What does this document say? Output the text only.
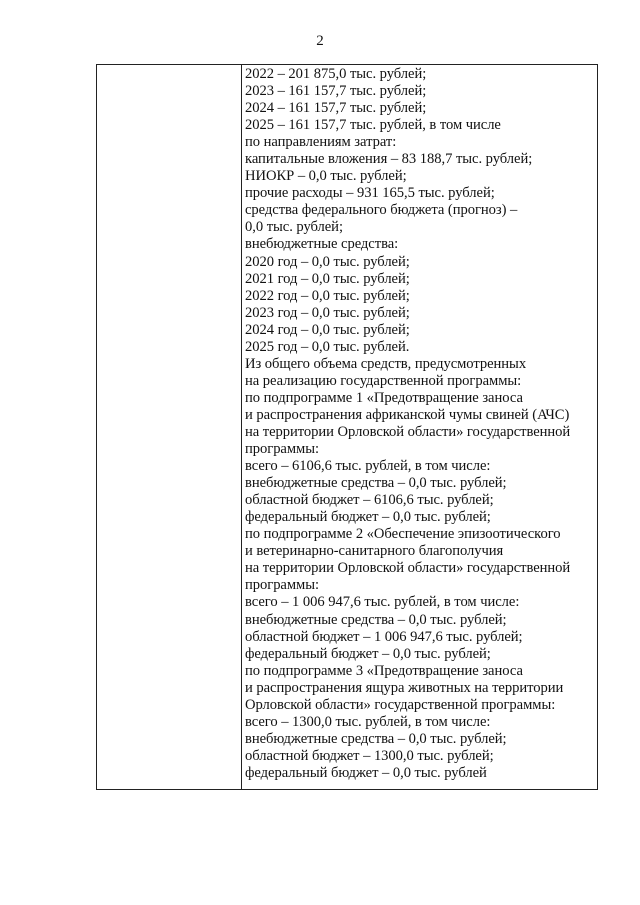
2
2022 – 201 875,0 тыс. рублей;
2023 – 161 157,7 тыс. рублей;
2024 – 161 157,7 тыс. рублей;
2025 – 161 157,7 тыс. рублей, в том числе
по направлениям затрат:
капитальные вложения – 83 188,7 тыс. рублей;
НИОКР – 0,0 тыс. рублей;
прочие расходы – 931 165,5 тыс. рублей;
средства федерального бюджета (прогноз) –
0,0 тыс. рублей;
внебюджетные средства:
2020 год – 0,0 тыс. рублей;
2021 год – 0,0 тыс. рублей;
2022 год – 0,0 тыс. рублей;
2023 год – 0,0 тыс. рублей;
2024 год – 0,0 тыс. рублей;
2025 год – 0,0 тыс. рублей.
Из общего объема средств, предусмотренных
на реализацию государственной программы:
по подпрограмме 1 «Предотвращение заноса
и распространения африканской чумы свиней (АЧС)
на территории Орловской области» государственной
программы:
всего – 6106,6 тыс. рублей, в том числе:
внебюджетные средства – 0,0 тыс. рублей;
областной бюджет – 6106,6 тыс. рублей;
федеральный бюджет – 0,0 тыс. рублей;
по подпрограмме 2 «Обеспечение эпизоотического
и ветеринарно-санитарного благополучия
на территории Орловской области» государственной
программы:
всего – 1 006 947,6 тыс. рублей, в том числе:
внебюджетные средства – 0,0 тыс. рублей;
областной бюджет – 1 006 947,6 тыс. рублей;
федеральный бюджет – 0,0 тыс. рублей;
по подпрограмме 3 «Предотвращение заноса
и распространения ящура животных на территории
Орловской области» государственной программы:
всего – 1300,0 тыс. рублей, в том числе:
внебюджетные средства – 0,0 тыс. рублей;
областной бюджет – 1300,0 тыс. рублей;
федеральный бюджет – 0,0 тыс. рублей
